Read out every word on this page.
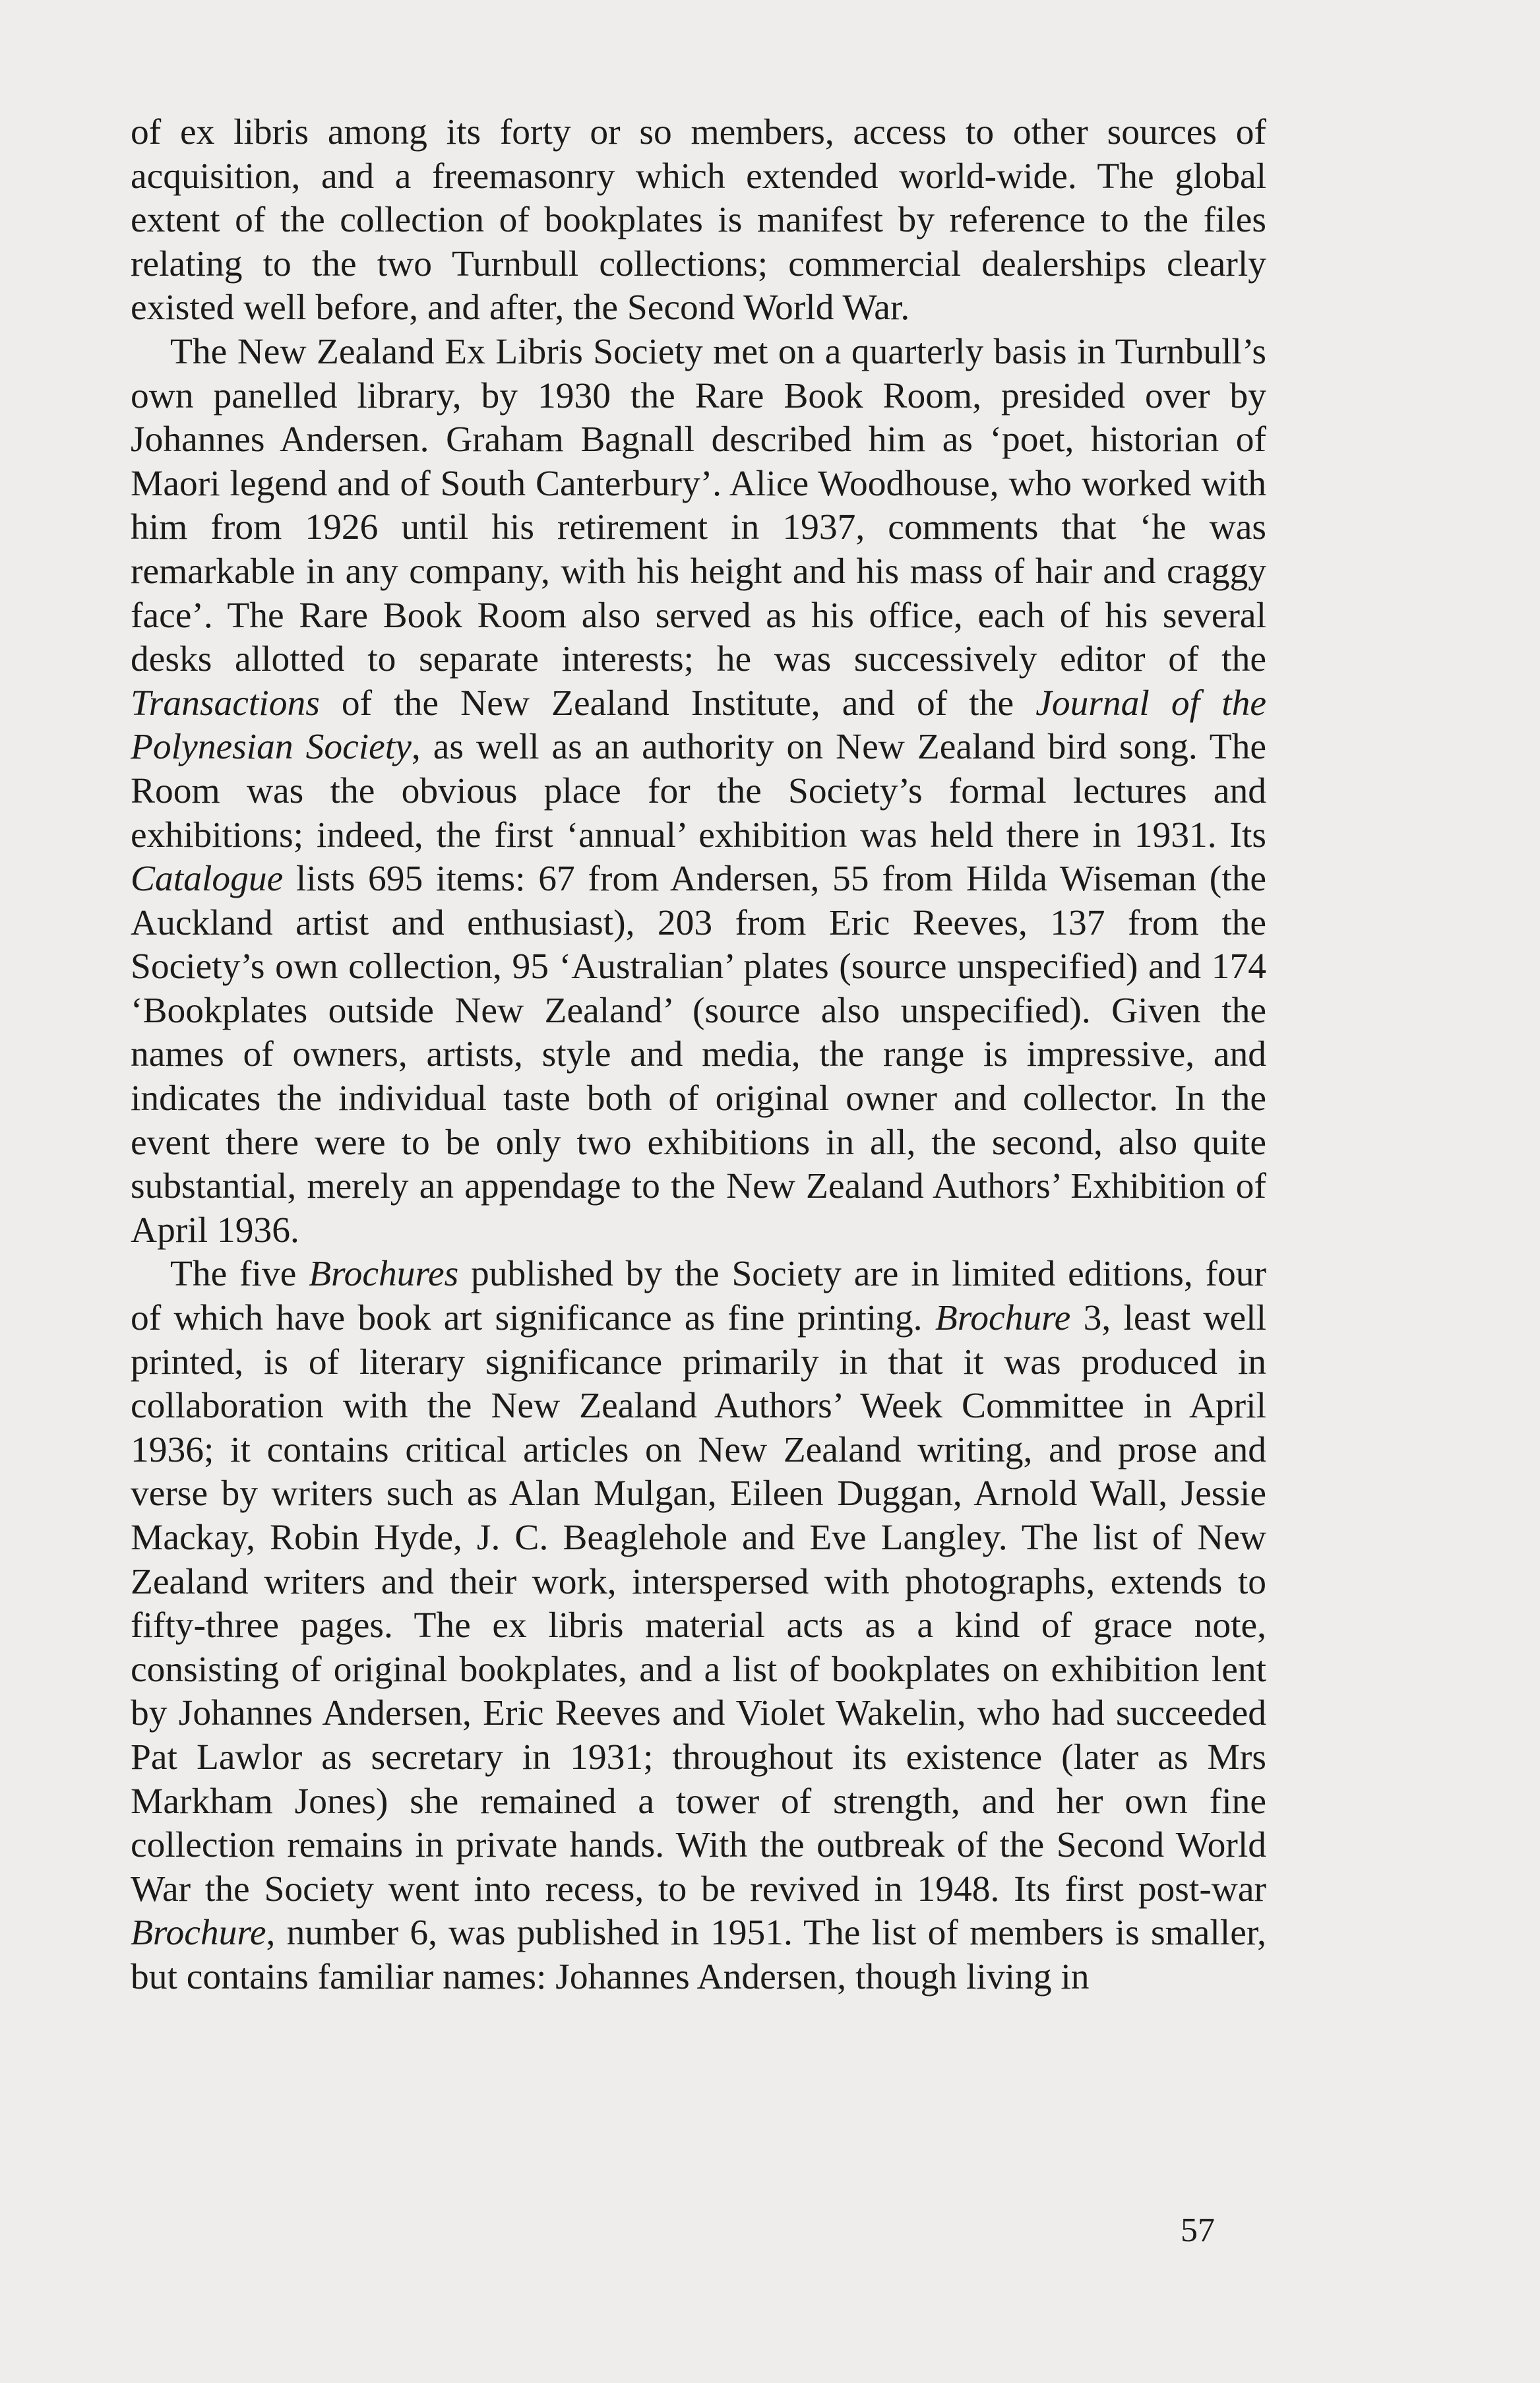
of ex libris among its forty or so members, access to other sources of acquisition, and a freemasonry which extended world-wide. The global extent of the collection of bookplates is manifest by reference to the files relating to the two Turnbull collections; commercial dealerships clearly existed well before, and after, the Second World War.

The New Zealand Ex Libris Society met on a quarterly basis in Turnbull’s own panelled library, by 1930 the Rare Book Room, presided over by Johannes Andersen. Graham Bagnall described him as ‘poet, historian of Maori legend and of South Canterbury’. Alice Woodhouse, who worked with him from 1926 until his retirement in 1937, comments that ‘he was remarkable in any company, with his height and his mass of hair and craggy face’. The Rare Book Room also served as his office, each of his several desks allotted to separate interests; he was successively editor of the Transactions of the New Zealand Institute, and of the Journal of the Polynesian Society, as well as an authority on New Zealand bird song. The Room was the obvious place for the Society’s formal lectures and exhibitions; indeed, the first ‘annual’ exhibition was held there in 1931. Its Catalogue lists 695 items: 67 from Andersen, 55 from Hilda Wiseman (the Auckland artist and enthusiast), 203 from Eric Reeves, 137 from the Society’s own collection, 95 ‘Australian’ plates (source unspecified) and 174 ‘Bookplates outside New Zealand’ (source also unspecified). Given the names of owners, artists, style and media, the range is impressive, and indicates the individual taste both of original owner and collector. In the event there were to be only two exhibitions in all, the second, also quite substantial, merely an appendage to the New Zealand Authors’ Exhibition of April 1936.

The five Brochures published by the Society are in limited editions, four of which have book art significance as fine printing. Brochure 3, least well printed, is of literary significance primarily in that it was produced in collaboration with the New Zealand Authors’ Week Committee in April 1936; it contains critical articles on New Zealand writing, and prose and verse by writers such as Alan Mulgan, Eileen Duggan, Arnold Wall, Jessie Mackay, Robin Hyde, J. C. Beaglehole and Eve Langley. The list of New Zealand writers and their work, interspersed with photographs, extends to fifty-three pages. The ex libris material acts as a kind of grace note, consisting of original bookplates, and a list of bookplates on exhibition lent by Johannes Andersen, Eric Reeves and Violet Wakelin, who had succeeded Pat Lawlor as secretary in 1931; throughout its existence (later as Mrs Markham Jones) she remained a tower of strength, and her own fine collection remains in private hands. With the outbreak of the Second World War the Society went into recess, to be revived in 1948. Its first post-war Brochure, number 6, was published in 1951. The list of members is smaller, but contains familiar names: Johannes Andersen, though living in

57
